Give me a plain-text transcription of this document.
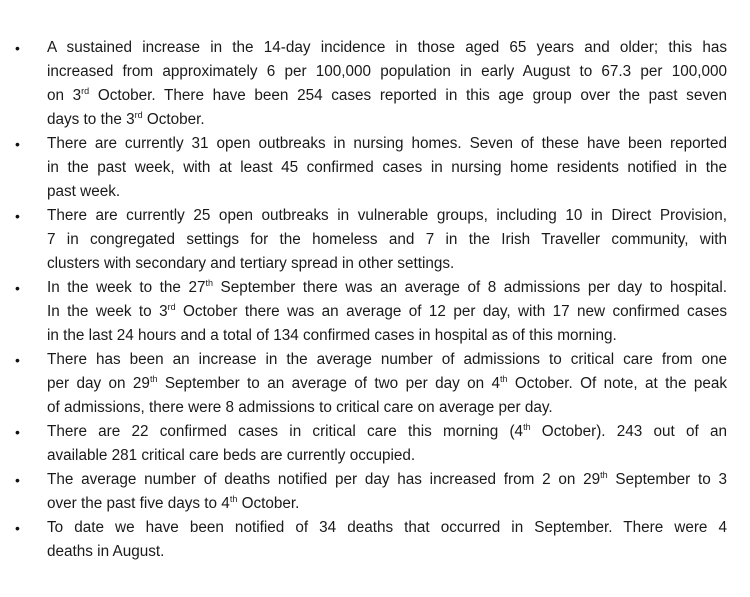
•	A sustained increase in the 14-day incidence in those aged 65 years and older; this has
increased from approximately 6 per 100,000 population in early August to 67.3 per 100,000
on 3rd October. There have been 254 cases reported in this age group over the past seven
days to the 3rd October.
•	There are currently 31 open outbreaks in nursing homes. Seven of these have been reported
in the past week, with at least 45 confirmed cases in nursing home residents notified in the
past week.
•	There are currently 25 open outbreaks in vulnerable groups, including 10 in Direct Provision,
7 in congregated settings for the homeless and 7 in the Irish Traveller community, with
clusters with secondary and tertiary spread in other settings.
•	In the week to the 27th September there was an average of 8 admissions per day to hospital.
In the week to 3rd October there was an average of 12 per day, with 17 new confirmed cases
in the last 24 hours and a total of 134 confirmed cases in hospital as of this morning.
•	There has been an increase in the average number of admissions to critical care from one
per day on 29th September to an average of two per day on 4th October. Of note, at the peak
of admissions, there were 8 admissions to critical care on average per day.
•	There are 22 confirmed cases in critical care this morning (4th October). 243 out of an
available 281 critical care beds are currently occupied.
•	The average number of deaths notified per day has increased from 2 on 29th September to 3
over the past five days to 4th October.
•	To date we have been notified of 34 deaths that occurred in September. There were 4
deaths in August.
